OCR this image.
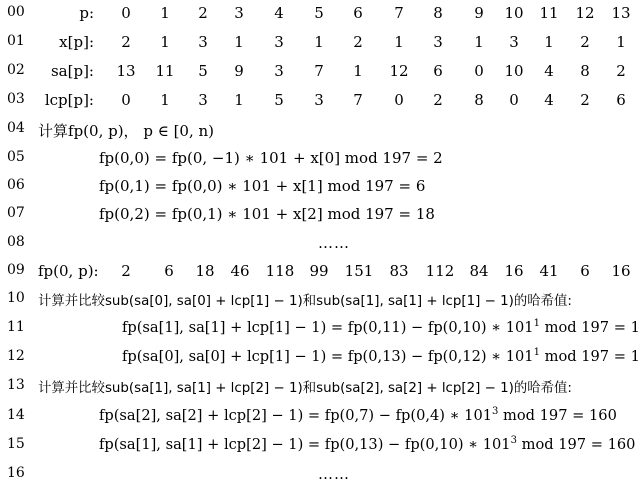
00	p:	0	1	2	3	4	5	6	7	8	9	10	11	12	13
01 x[p]:	2	1	3	1	3	1	2	1	3	1	3	1	2	1
02 sa[p]:	13	11	5	9	3	7	1	12	6	0	10	4	8	2
03 lcp[p]:	0	1	3	1	5	3	7	0	2	8	0	4	2	6
04 计算fp(0, p)， p ∈ [0, n)
05	fp(0,0) = fp(0, −1) ∗ 101 + x[0] mod 197 = 2
06	fp(0,1) = fp(0,0) ∗ 101 + x[1] mod 197 = 6
07	fp(0,2) = fp(0,1) ∗ 101 + x[2] mod 197 = 18
08	……
09 fp(0, p):	2	6	18	46	118	99	151	83	112	84	16	41	6	16
10 计算并比较sub(sa[0], sa[0] + lcp[1] − 1)和sub(sa[1], sa[1] + lcp[1] − 1)的哈希值:
11	fp(sa[1], sa[1] + lcp[1] − 1) = fp(0,11) − fp(0,10) ∗ $101^1$ mod 197 = 1
12	fp(sa[0], sa[0] + lcp[1] − 1) = fp(0,13) − fp(0,12) ∗ $101^1$ mod 197 = 1
13 计算并比较sub(sa[1], sa[1] + lcp[2] − 1)和sub(sa[2], sa[2] + lcp[2] − 1)的哈希值:
14	fp(sa[2], sa[2] + lcp[2] − 1) = fp(0,7) − fp(0,4) ∗ $101^3$ mod 197 = 160
15	fp(sa[1], sa[1] + lcp[2] − 1) = fp(0,13) − fp(0,10) ∗ $101^3$ mod 197 = 160
16	……
